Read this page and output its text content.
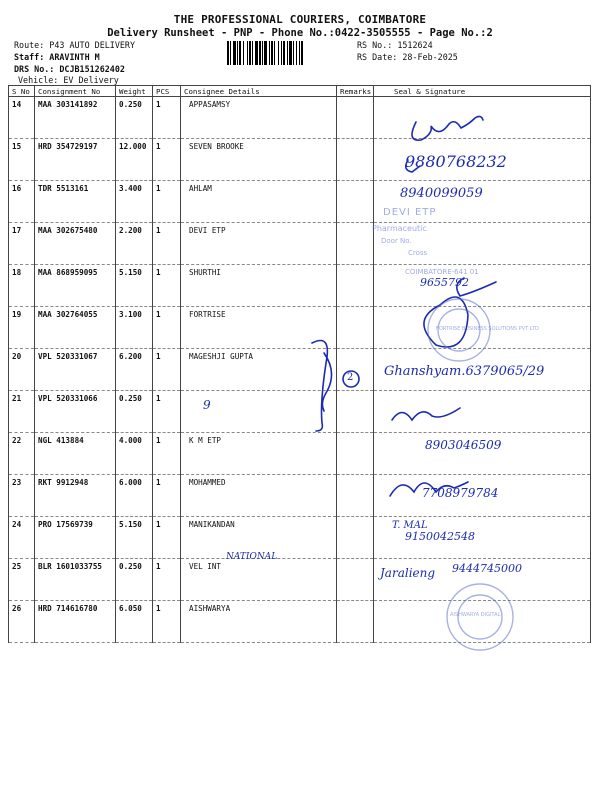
THE PROFESSIONAL COURIERS, COIMBATORE
Delivery Runsheet - PNP - Phone No.:0422-3505555 - Page No.:2
Route: P43 AUTO DELIVERY
Staff: ARAVINTH M
DRS No.: DCJB151262402
Vehicle: EV Delivery
RS No.: 1512624
RS Date: 28-Feb-2025
S No	Consignment No	Weight	PCS	Consignee Details	Remarks	Seal & Signature
14	MAA 303141892	0.250	1	APPASAMSY		
15	HRD 354729197	12.000	1	SEVEN BROOKE		
16	TDR 5513161	3.400	1	AHLAM		
17	MAA 302675480	2.200	1	DEVI ETP		
18	MAA 868959095	5.150	1	SHURTHI		
19	MAA 302764055	3.100	1	FORTRISE		
20	VPL 520331067	6.200	1	MAGESHJI GUPTA		
21	VPL 520331066	0.250	1			
22	NGL 413884	4.000	1	K M ETP		
23	RKT 9912948	6.000	1	MOHAMMED		
24	PRO 17569739	5.150	1	MANIKANDAN		
25	BLR 1601033755	0.250	1	VEL INT		
26	HRD 714616780	6.050	1	AISHWARYA		
9880768232
8940099059
9655792
Ghanshyam.6379065/29
2
9
8903046509
7708979784
T. MAL
9150042548
NATIONAL
Jaralieng 9444745000
DEVI ETP
Pharmaceutic
Door No.
Cross
COIMBATORE-641 01
FORTRISE BUSINESS SOLUTIONS PVT LTD
AISHWARYA DIGITAL
